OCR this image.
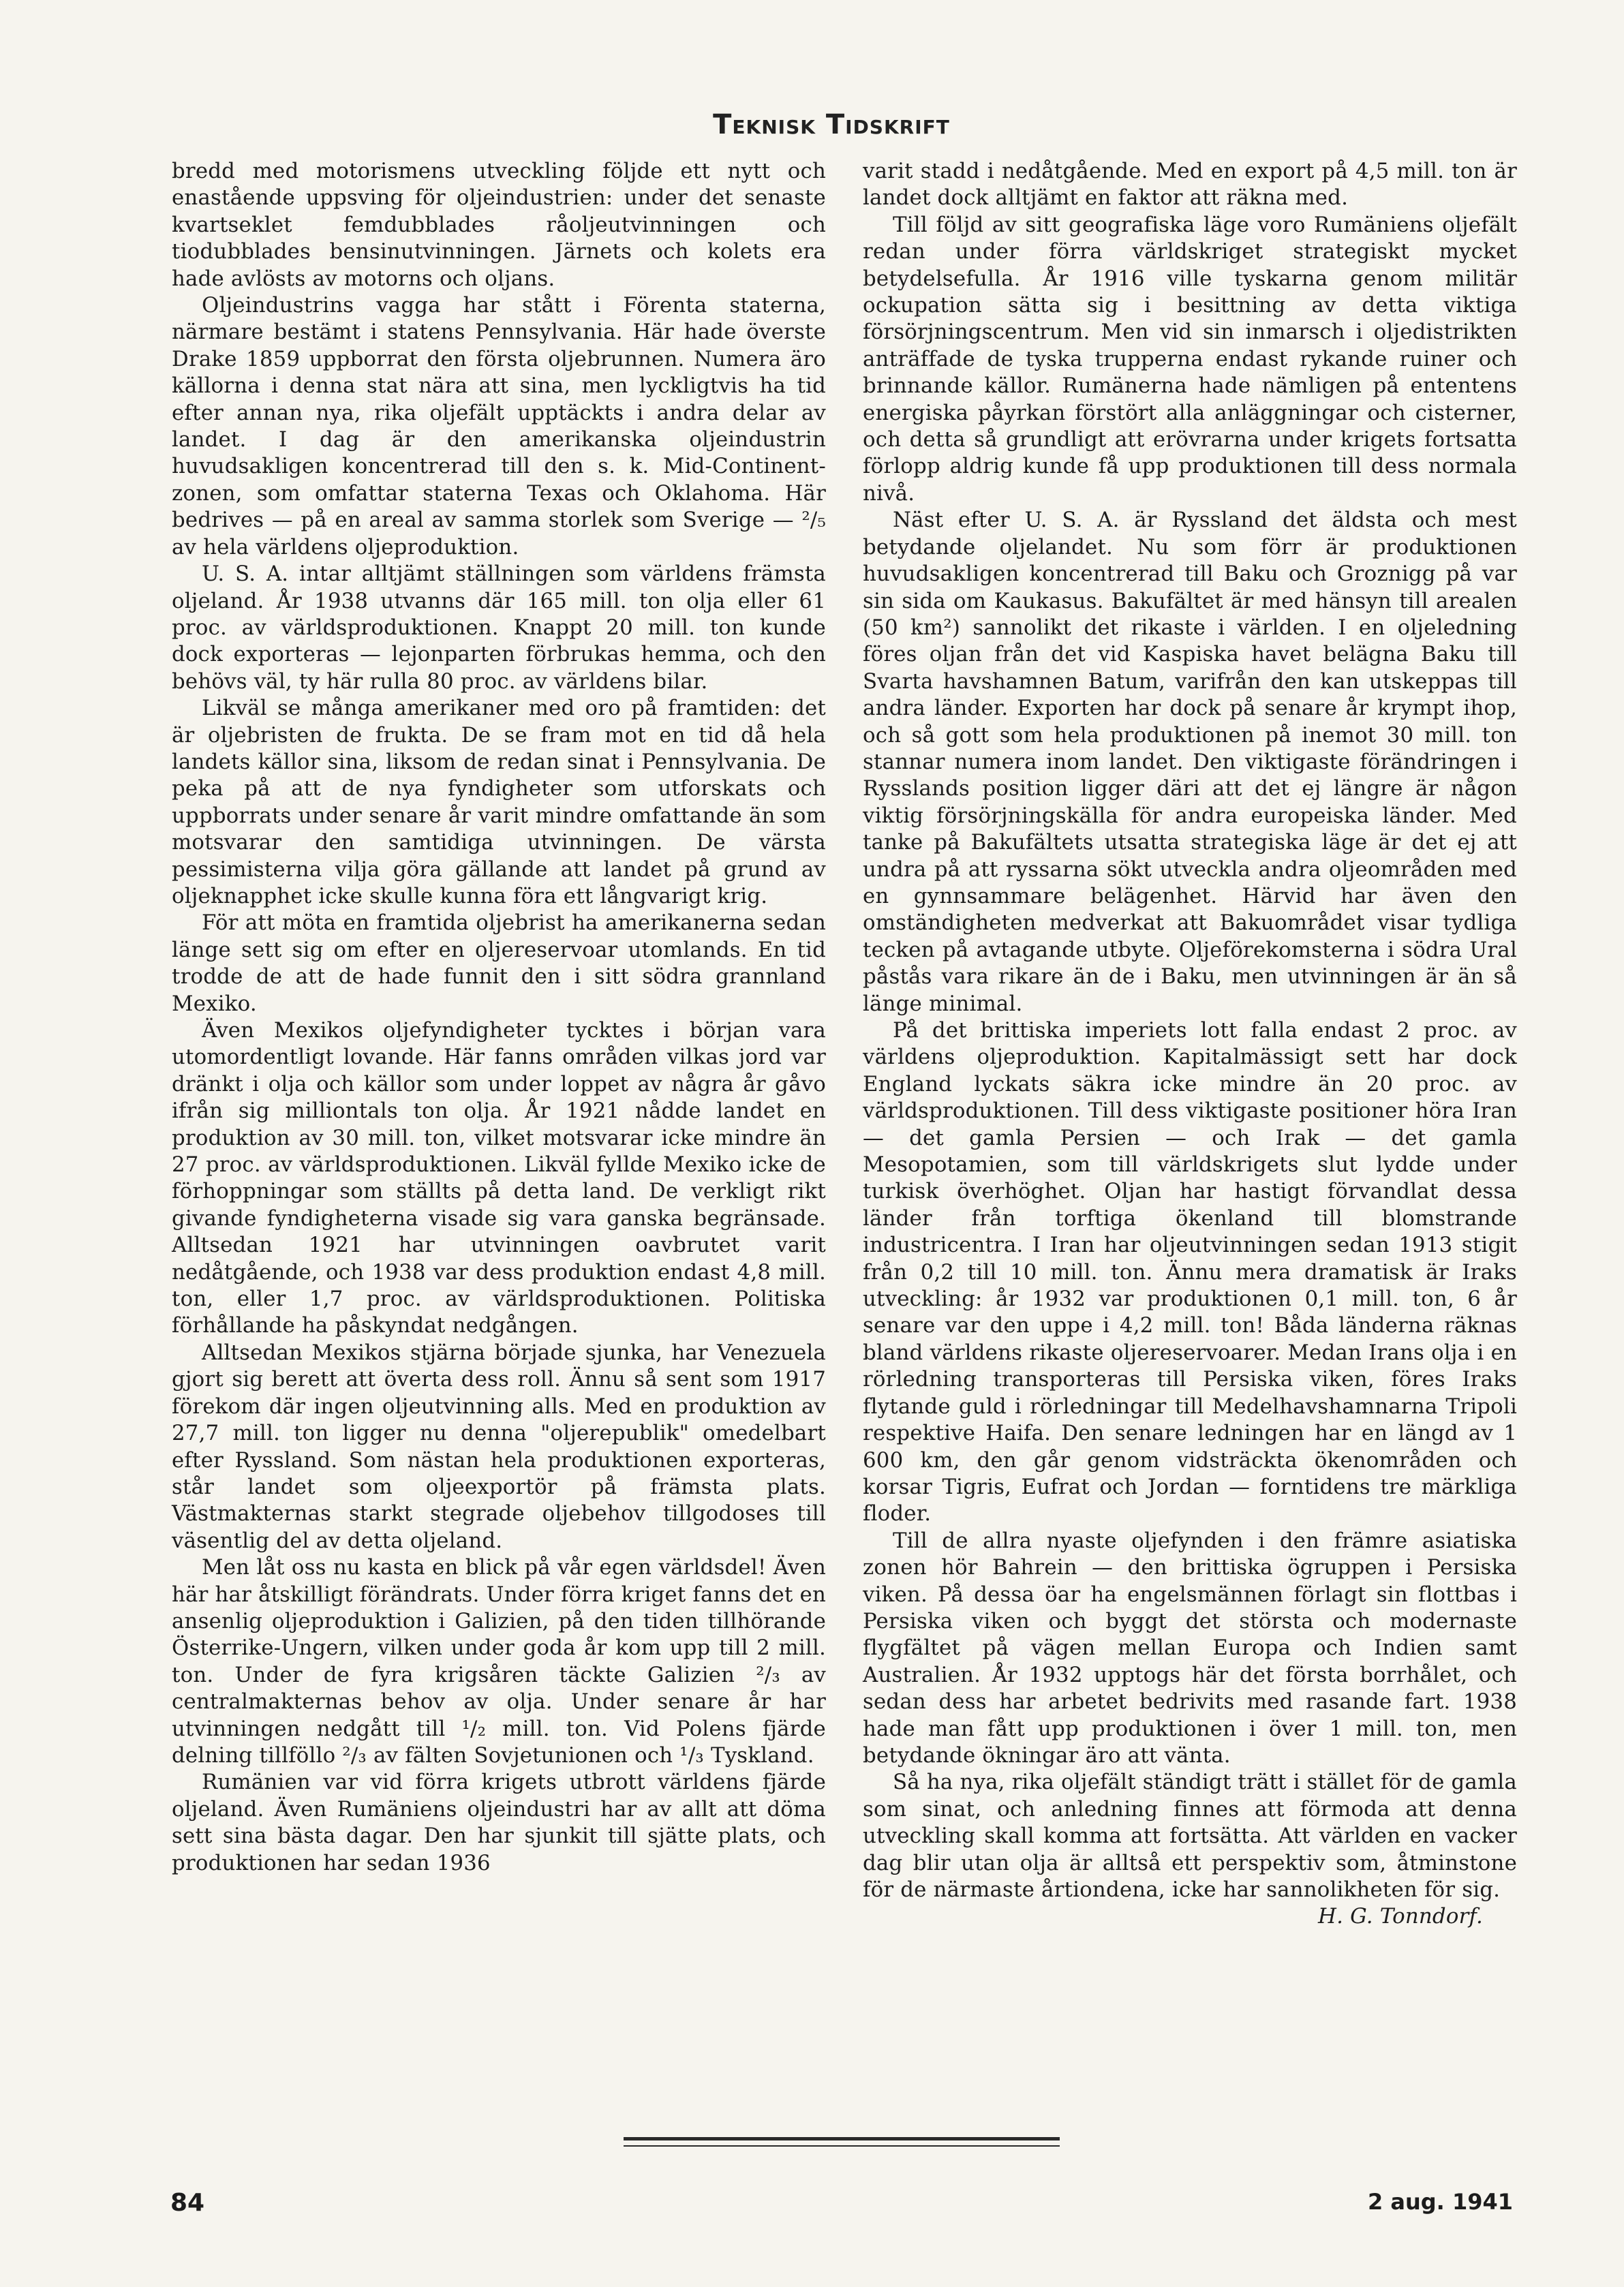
Teknisk Tidskrift

bredd med motorismens utveckling följde ett nytt och enastående uppsving för oljeindustrien: under det senaste kvartseklet femdubblades råoljeutvinningen och tiodubblades bensinutvinningen. Järnets och kolets era hade avlösts av motorns och oljans.

Oljeindustrins vagga har stått i Förenta staterna, närmare bestämt i statens Pennsylvania. Här hade överste Drake 1859 uppborrat den första oljebrunnen. Numera äro källorna i denna stat nära att sina, men lyckligtvis ha tid efter annan nya, rika oljefält upptäckts i andra delar av landet. I dag är den amerikanska oljeindustrin huvudsakligen koncentrerad till den s. k. Mid-Continent-zonen, som omfattar staterna Texas och Oklahoma. Här bedrives — på en areal av samma storlek som Sverige — ²/₅ av hela världens oljeproduktion.

U. S. A. intar alltjämt ställningen som världens främsta oljeland. År 1938 utvanns där 165 mill. ton olja eller 61 proc. av världsproduktionen. Knappt 20 mill. ton kunde dock exporteras — lejonparten förbrukas hemma, och den behövs väl, ty här rulla 80 proc. av världens bilar.

Likväl se många amerikaner med oro på framtiden: det är oljebristen de frukta. De se fram mot en tid då hela landets källor sina, liksom de redan sinat i Pennsylvania. De peka på att de nya fyndigheter som utforskats och uppborrats under senare år varit mindre omfattande än som motsvarar den samtidiga utvinningen. De värsta pessimisterna vilja göra gällande att landet på grund av oljeknapphet icke skulle kunna föra ett långvarigt krig.

För att möta en framtida oljebrist ha amerikanerna sedan länge sett sig om efter en oljereservoar utomlands. En tid trodde de att de hade funnit den i sitt södra grannland Mexiko.

Även Mexikos oljefyndigheter tycktes i början vara utomordentligt lovande. Här fanns områden vilkas jord var dränkt i olja och källor som under loppet av några år gåvo ifrån sig milliontals ton olja. År 1921 nådde landet en produktion av 30 mill. ton, vilket motsvarar icke mindre än 27 proc. av världsproduktionen. Likväl fyllde Mexiko icke de förhoppningar som ställts på detta land. De verkligt rikt givande fyndigheterna visade sig vara ganska begränsade. Alltsedan 1921 har utvinningen oavbrutet varit nedåtgående, och 1938 var dess produktion endast 4,8 mill. ton, eller 1,7 proc. av världsproduktionen. Politiska förhållande ha påskyndat nedgången.

Alltsedan Mexikos stjärna började sjunka, har Venezuela gjort sig berett att överta dess roll. Ännu så sent som 1917 förekom där ingen oljeutvinning alls. Med en produktion av 27,7 mill. ton ligger nu denna "oljerepublik" omedelbart efter Ryssland. Som nästan hela produktionen exporteras, står landet som oljeexportör på främsta plats. Västmakternas starkt stegrade oljebehov tillgodoses till väsentlig del av detta oljeland.

Men låt oss nu kasta en blick på vår egen världsdel! Även här har åtskilligt förändrats. Under förra kriget fanns det en ansenlig oljeproduktion i Galizien, på den tiden tillhörande Österrike-Ungern, vilken under goda år kom upp till 2 mill. ton. Under de fyra krigsåren täckte Galizien ²/₃ av centralmakternas behov av olja. Under senare år har utvinningen nedgått till ¹/₂ mill. ton. Vid Polens fjärde delning tillföllo ²/₃ av fälten Sovjetunionen och ¹/₃ Tyskland.

Rumänien var vid förra krigets utbrott världens fjärde oljeland. Även Rumäniens oljeindustri har av allt att döma sett sina bästa dagar. Den har sjunkit till sjätte plats, och produktionen har sedan 1936

varit stadd i nedåtgående. Med en export på 4,5 mill. ton är landet dock alltjämt en faktor att räkna med.

Till följd av sitt geografiska läge voro Rumäniens oljefält redan under förra världskriget strategiskt mycket betydelsefulla. År 1916 ville tyskarna genom militär ockupation sätta sig i besittning av detta viktiga försörjningscentrum. Men vid sin inmarsch i oljedistrikten anträffade de tyska trupperna endast rykande ruiner och brinnande källor. Rumänerna hade nämligen på ententens energiska påyrkan förstört alla anläggningar och cisterner, och detta så grundligt att erövrarna under krigets fortsatta förlopp aldrig kunde få upp produktionen till dess normala nivå.

Näst efter U. S. A. är Ryssland det äldsta och mest betydande oljelandet. Nu som förr är produktionen huvudsakligen koncentrerad till Baku och Groznigg på var sin sida om Kaukasus. Bakufältet är med hänsyn till arealen (50 km²) sannolikt det rikaste i världen. I en oljeledning föres oljan från det vid Kaspiska havet belägna Baku till Svarta havshamnen Batum, varifrån den kan utskeppas till andra länder. Exporten har dock på senare år krympt ihop, och så gott som hela produktionen på inemot 30 mill. ton stannar numera inom landet. Den viktigaste förändringen i Rysslands position ligger däri att det ej längre är någon viktig försörjningskälla för andra europeiska länder. Med tanke på Bakufältets utsatta strategiska läge är det ej att undra på att ryssarna sökt utveckla andra oljeområden med en gynnsammare belägenhet. Härvid har även den omständigheten medverkat att Bakuområdet visar tydliga tecken på avtagande utbyte. Oljeförekomsterna i södra Ural påstås vara rikare än de i Baku, men utvinningen är än så länge minimal.

På det brittiska imperiets lott falla endast 2 proc. av världens oljeproduktion. Kapitalmässigt sett har dock England lyckats säkra icke mindre än 20 proc. av världsproduktionen. Till dess viktigaste positioner höra Iran — det gamla Persien — och Irak — det gamla Mesopotamien, som till världskrigets slut lydde under turkisk överhöghet. Oljan har hastigt förvandlat dessa länder från torftiga ökenland till blomstrande industricentra. I Iran har oljeutvinningen sedan 1913 stigit från 0,2 till 10 mill. ton. Ännu mera dramatisk är Iraks utveckling: år 1932 var produktionen 0,1 mill. ton, 6 år senare var den uppe i 4,2 mill. ton! Båda länderna räknas bland världens rikaste oljereservoarer. Medan Irans olja i en rörledning transporteras till Persiska viken, föres Iraks flytande guld i rörledningar till Medelhavshamnarna Tripoli respektive Haifa. Den senare ledningen har en längd av 1 600 km, den går genom vidsträckta ökenområden och korsar Tigris, Eufrat och Jordan — forntidens tre märkliga floder.

Till de allra nyaste oljefynden i den främre asiatiska zonen hör Bahrein — den brittiska ögruppen i Persiska viken. På dessa öar ha engelsmännen förlagt sin flottbas i Persiska viken och byggt det största och modernaste flygfältet på vägen mellan Europa och Indien samt Australien. År 1932 upptogs här det första borrhålet, och sedan dess har arbetet bedrivits med rasande fart. 1938 hade man fått upp produktionen i över 1 mill. ton, men betydande ökningar äro att vänta.

Så ha nya, rika oljefält ständigt trätt i stället för de gamla som sinat, och anledning finnes att förmoda att denna utveckling skall komma att fortsätta. Att världen en vacker dag blir utan olja är alltså ett perspektiv som, åtminstone för de närmaste årtiondena, icke har sannolikheten för sig.

H. G. Tonndorf.

84	2 aug. 1941
